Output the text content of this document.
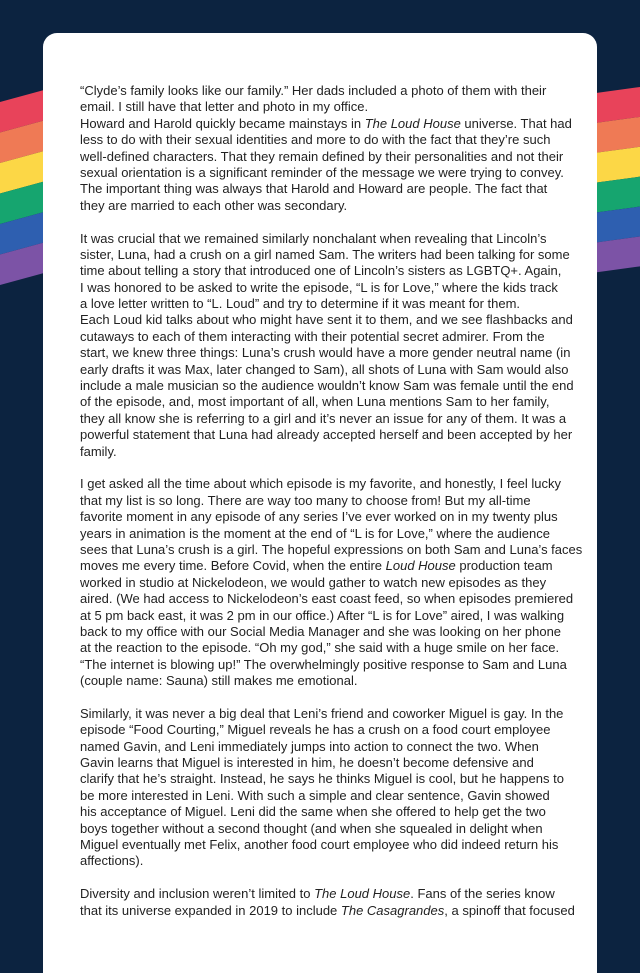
“Clyde’s family looks like our family.” Her dads included a photo of them with their
email. I still have that letter and photo in my office.
Howard and Harold quickly became mainstays in The Loud House universe. That had
less to do with their sexual identities and more to do with the fact that they’re such
well-defined characters. That they remain defined by their personalities and not their
sexual orientation is a significant reminder of the message we were trying to convey.
The important thing was always that Harold and Howard are people. The fact that
they are married to each other was secondary.
It was crucial that we remained similarly nonchalant when revealing that Lincoln’s
sister, Luna, had a crush on a girl named Sam. The writers had been talking for some
time about telling a story that introduced one of Lincoln’s sisters as LGBTQ+. Again,
I was honored to be asked to write the episode, “L is for Love,” where the kids track
a love letter written to “L. Loud” and try to determine if it was meant for them.
Each Loud kid talks about who might have sent it to them, and we see flashbacks and
cutaways to each of them interacting with their potential secret admirer. From the
start, we knew three things: Luna’s crush would have a more gender neutral name (in
early drafts it was Max, later changed to Sam), all shots of Luna with Sam would also
include a male musician so the audience wouldn’t know Sam was female until the end
of the episode, and, most important of all, when Luna mentions Sam to her family,
they all know she is referring to a girl and it’s never an issue for any of them. It was a
powerful statement that Luna had already accepted herself and been accepted by her
family.
I get asked all the time about which episode is my favorite, and honestly, I feel lucky
that my list is so long. There are way too many to choose from! But my all-time
favorite moment in any episode of any series I’ve ever worked on in my twenty plus
years in animation is the moment at the end of “L is for Love,” where the audience
sees that Luna’s crush is a girl. The hopeful expressions on both Sam and Luna’s faces
moves me every time. Before Covid, when the entire Loud House production team
worked in studio at Nickelodeon, we would gather to watch new episodes as they
aired. (We had access to Nickelodeon’s east coast feed, so when episodes premiered
at 5 pm back east, it was 2 pm in our office.) After “L is for Love” aired, I was walking
back to my office with our Social Media Manager and she was looking on her phone
at the reaction to the episode. “Oh my god,” she said with a huge smile on her face.
“The internet is blowing up!” The overwhelmingly positive response to Sam and Luna
(couple name: Sauna) still makes me emotional.
Similarly, it was never a big deal that Leni’s friend and coworker Miguel is gay. In the
episode “Food Courting,” Miguel reveals he has a crush on a food court employee
named Gavin, and Leni immediately jumps into action to connect the two. When
Gavin learns that Miguel is interested in him, he doesn’t become defensive and
clarify that he’s straight. Instead, he says he thinks Miguel is cool, but he happens to
be more interested in Leni. With such a simple and clear sentence, Gavin showed
his acceptance of Miguel. Leni did the same when she offered to help get the two
boys together without a second thought (and when she squealed in delight when
Miguel eventually met Felix, another food court employee who did indeed return his
affections).
Diversity and inclusion weren’t limited to The Loud House. Fans of the series know
that its universe expanded in 2019 to include The Casagrandes, a spinoff that focused
